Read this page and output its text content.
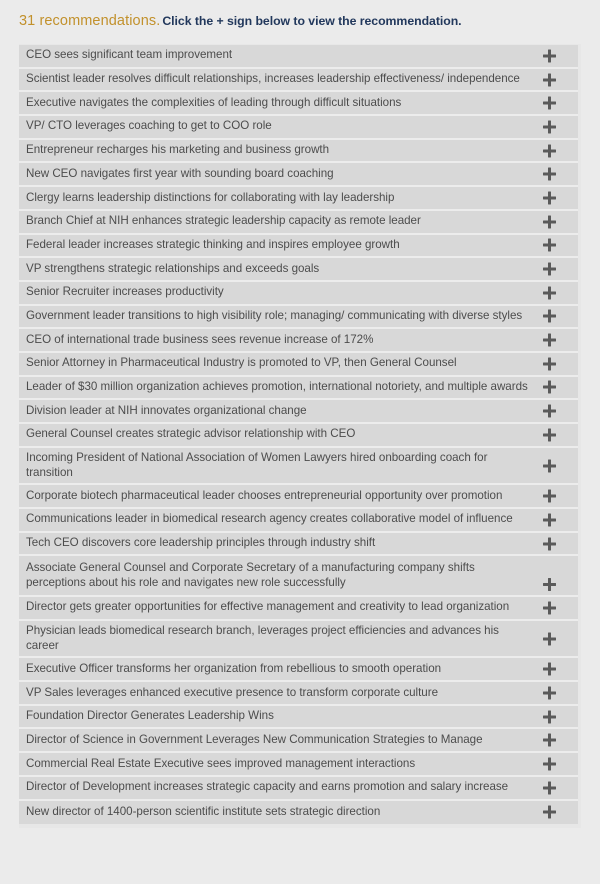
31 recommendations. Click the + sign below to view the recommendation.
CEO sees significant team improvement
Scientist leader resolves difficult relationships, increases leadership effectiveness/ independence
Executive navigates the complexities of leading through difficult situations
VP/ CTO leverages coaching to get to COO role
Entrepreneur recharges his marketing and business growth
New CEO navigates first year with sounding board coaching
Clergy learns leadership distinctions for collaborating with lay leadership
Branch Chief at NIH enhances strategic leadership capacity as remote leader
Federal leader increases strategic thinking and inspires employee growth
VP strengthens strategic relationships and exceeds goals
Senior Recruiter increases productivity
Government leader transitions to high visibility role; managing/ communicating with diverse styles
CEO of international trade business sees revenue increase of 172%
Senior Attorney in Pharmaceutical Industry is promoted to VP, then General Counsel
Leader of $30 million organization achieves promotion, international notoriety, and multiple awards
Division leader at NIH innovates organizational change
General Counsel creates strategic advisor relationship with CEO
Incoming President of National Association of Women Lawyers hired onboarding coach for transition
Corporate biotech pharmaceutical leader chooses entrepreneurial opportunity over promotion
Communications leader in biomedical research agency creates collaborative model of influence
Tech CEO discovers core leadership principles through industry shift
Associate General Counsel and Corporate Secretary of a manufacturing company shifts perceptions about his role and navigates new role successfully
Director gets greater opportunities for effective management and creativity to lead organization
Physician leads biomedical research branch, leverages project efficiencies and advances his career
Executive Officer transforms her organization from rebellious to smooth operation
VP Sales leverages enhanced executive presence to transform corporate culture
Foundation Director Generates Leadership Wins
Director of Science in Government Leverages New Communication Strategies to Manage
Commercial Real Estate Executive sees improved management interactions
Director of Development increases strategic capacity and earns promotion and salary increase
New director of 1400-person scientific institute sets strategic direction
